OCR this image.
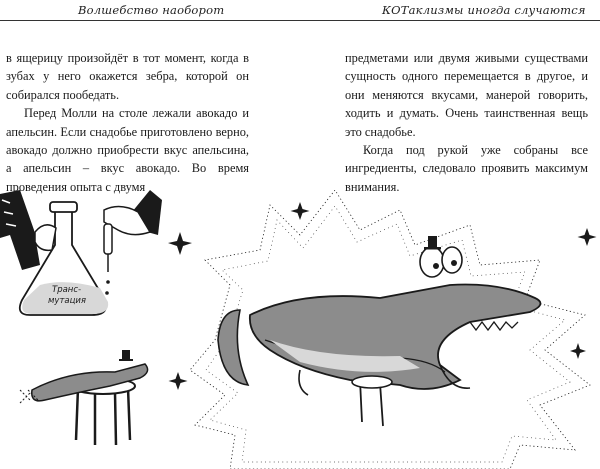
Волшебство наоборот	КОТаклизмы иногда случаются

в ящерицу произойдёт в тот момент, когда в зубах у него окажется зебра, которой он собирался пообедать.

Перед Молли на столе лежали авокадо и апельсин. Если снадобье приготовлено верно, авокадо должно приобрести вкус апельсина, а апельсин – вкус авокадо. Во время проведения опыта с двумя

предметами или двумя живыми существами сущность одного перемещается в другое, и они меняются вкусами, манерой говорить, ходить и думать. Очень таинственная вещь это снадобье.

Когда под рукой уже собраны все ингредиенты, следовало проявить максимум внимания.

Транс-
мутация
